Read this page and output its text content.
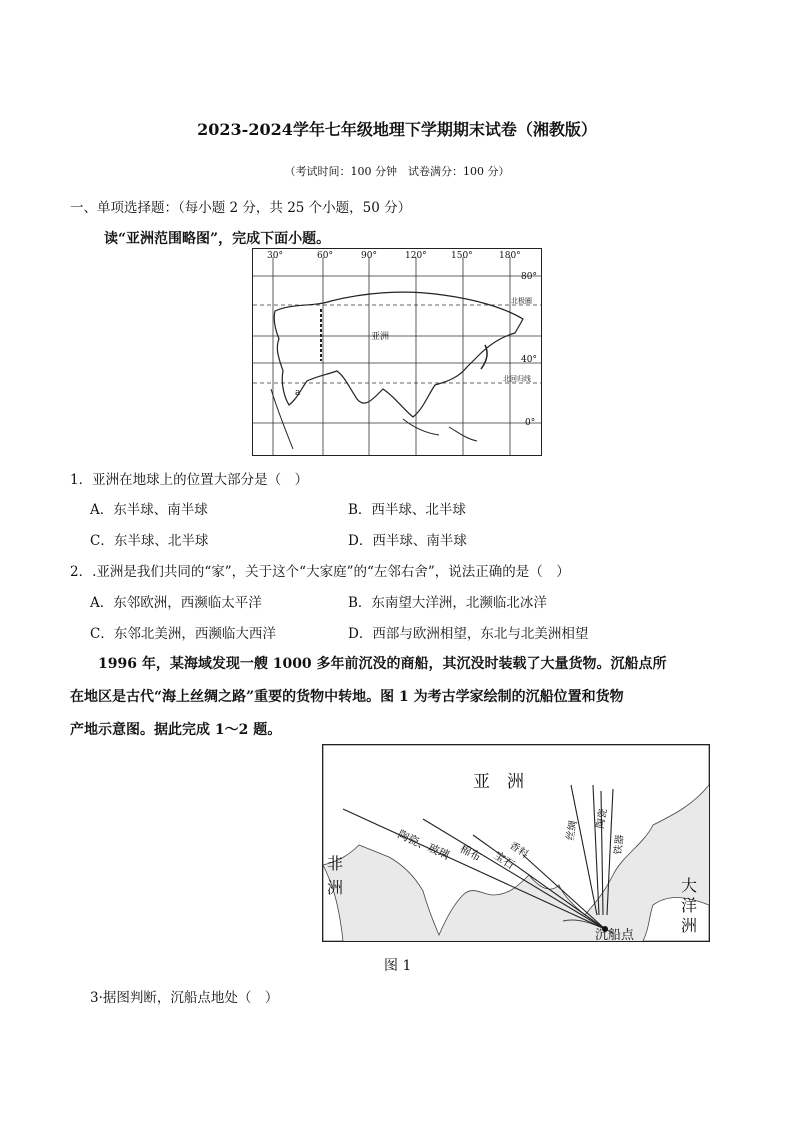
2023-2024学年七年级地理下学期期末试卷（湘教版）
（考试时间：100 分钟　试卷满分：100 分）
一、单项选择题：（每小题 2 分，共 25 个小题，50 分）
读“亚洲范围略图”，完成下面小题。
30°	60°	90°	120°	150°	180°
80°
40°
0°
北极圈
北回归线
亚洲
a
1．亚洲在地球上的位置大部分是（　）
A．东半球、南半球	B．西半球、北半球
C．东半球、北半球	D．西半球、南半球
2．.亚洲是我们共同的“家”，关于这个“大家庭”的“左邻右舍”，说法正确的是（　）
A．东邻欧洲，西濒临太平洋	B．东南望大洋洲，北濒临北冰洋
C．东邻北美洲，西濒临大西洋	D．西部与欧洲相望，东北与北美洲相望
1996 年，某海域发现一艘 1000 多年前沉没的商船，其沉没时装载了大量货物。沉船点所
在地区是古代“海上丝绸之路”重要的货物中转地。图 1 为考古学家绘制的沉船位置和货物
产地示意图。据此完成 1～2 题。
亚　洲
非
洲	大
洋
洲
沉船点
陶瓷、玻璃 棉布 宝石
香料
丝绸
陶瓷
铁器
图 1
3·据图判断，沉船点地处（　）
